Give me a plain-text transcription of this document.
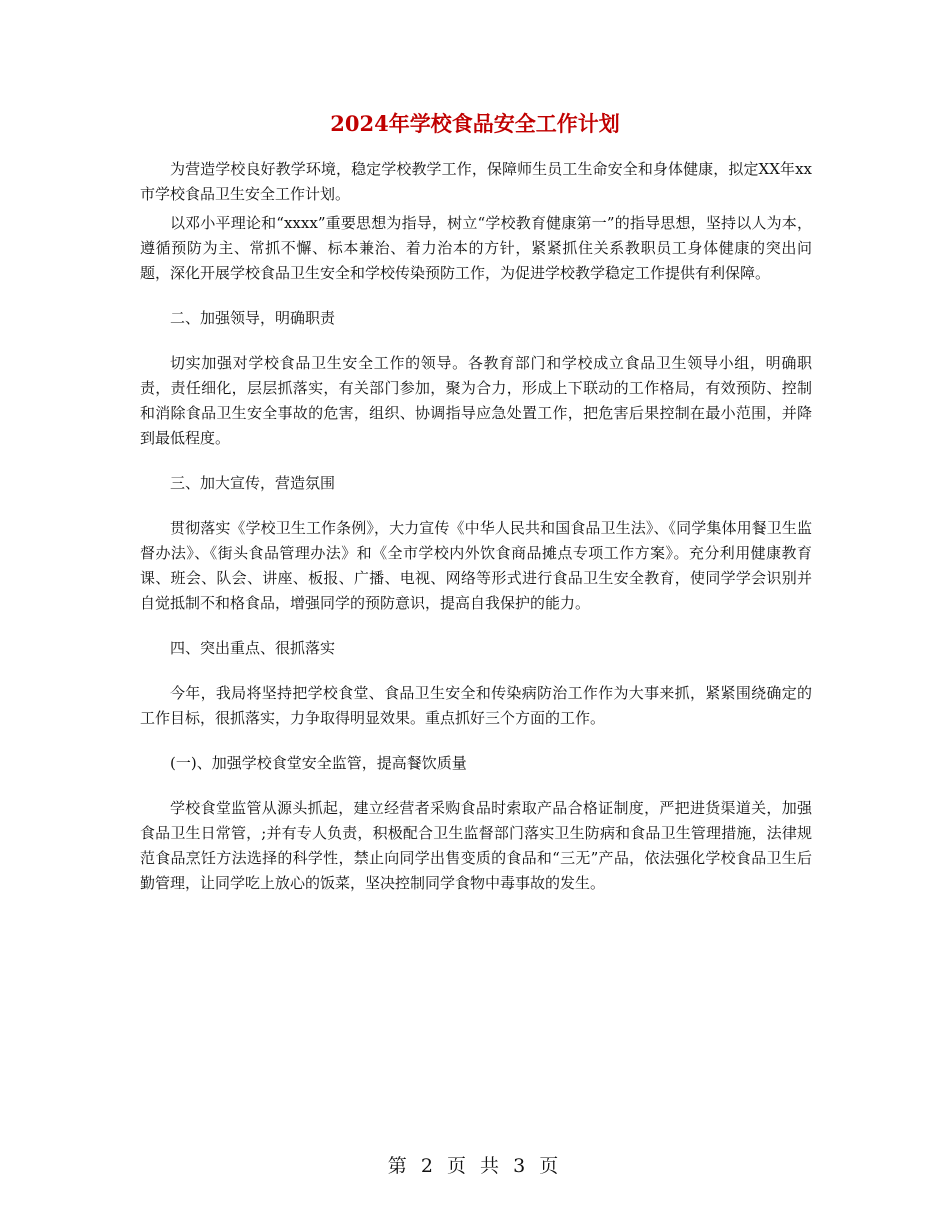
2024年学校食品安全工作计划

为营造学校良好教学环境，稳定学校教学工作，保障师生员工生命安全和身体健康，拟定XX年xx市学校食品卫生安全工作计划。

以邓小平理论和“xxxx”重要思想为指导，树立“学校教育健康第一”的指导思想，坚持以人为本，遵循预防为主、常抓不懈、标本兼治、着力治本的方针，紧紧抓住关系教职员工身体健康的突出问题，深化开展学校食品卫生安全和学校传染预防工作，为促进学校教学稳定工作提供有利保障。

二、加强领导，明确职责

切实加强对学校食品卫生安全工作的领导。各教育部门和学校成立食品卫生领导小组，明确职责，责任细化，层层抓落实，有关部门参加，聚为合力，形成上下联动的工作格局，有效预防、控制和消除食品卫生安全事故的危害，组织、协调指导应急处置工作，把危害后果控制在最小范围，并降到最低程度。

三、加大宣传，营造氛围

贯彻落实《学校卫生工作条例》，大力宣传《中华人民共和国食品卫生法》、《同学集体用餐卫生监督办法》、《街头食品管理办法》和《全市学校内外饮食商品摊点专项工作方案》。充分利用健康教育课、班会、队会、讲座、板报、广播、电视、网络等形式进行食品卫生安全教育，使同学学会识别并自觉抵制不和格食品，增强同学的预防意识，提高自我保护的能力。

四、突出重点、很抓落实

今年，我局将坚持把学校食堂、食品卫生安全和传染病防治工作作为大事来抓，紧紧围绕确定的工作目标，很抓落实，力争取得明显效果。重点抓好三个方面的工作。

(一)、加强学校食堂安全监管，提高餐饮质量

学校食堂监管从源头抓起，建立经营者采购食品时索取产品合格证制度，严把进货渠道关，加强食品卫生日常管，;并有专人负责，积极配合卫生监督部门落实卫生防病和食品卫生管理措施，法律规范食品烹饪方法选择的科学性，禁止向同学出售变质的食品和“三无”产品，依法强化学校食品卫生后勤管理，让同学吃上放心的饭菜，坚决控制同学食物中毒事故的发生。

第 2 页 共 3 页
